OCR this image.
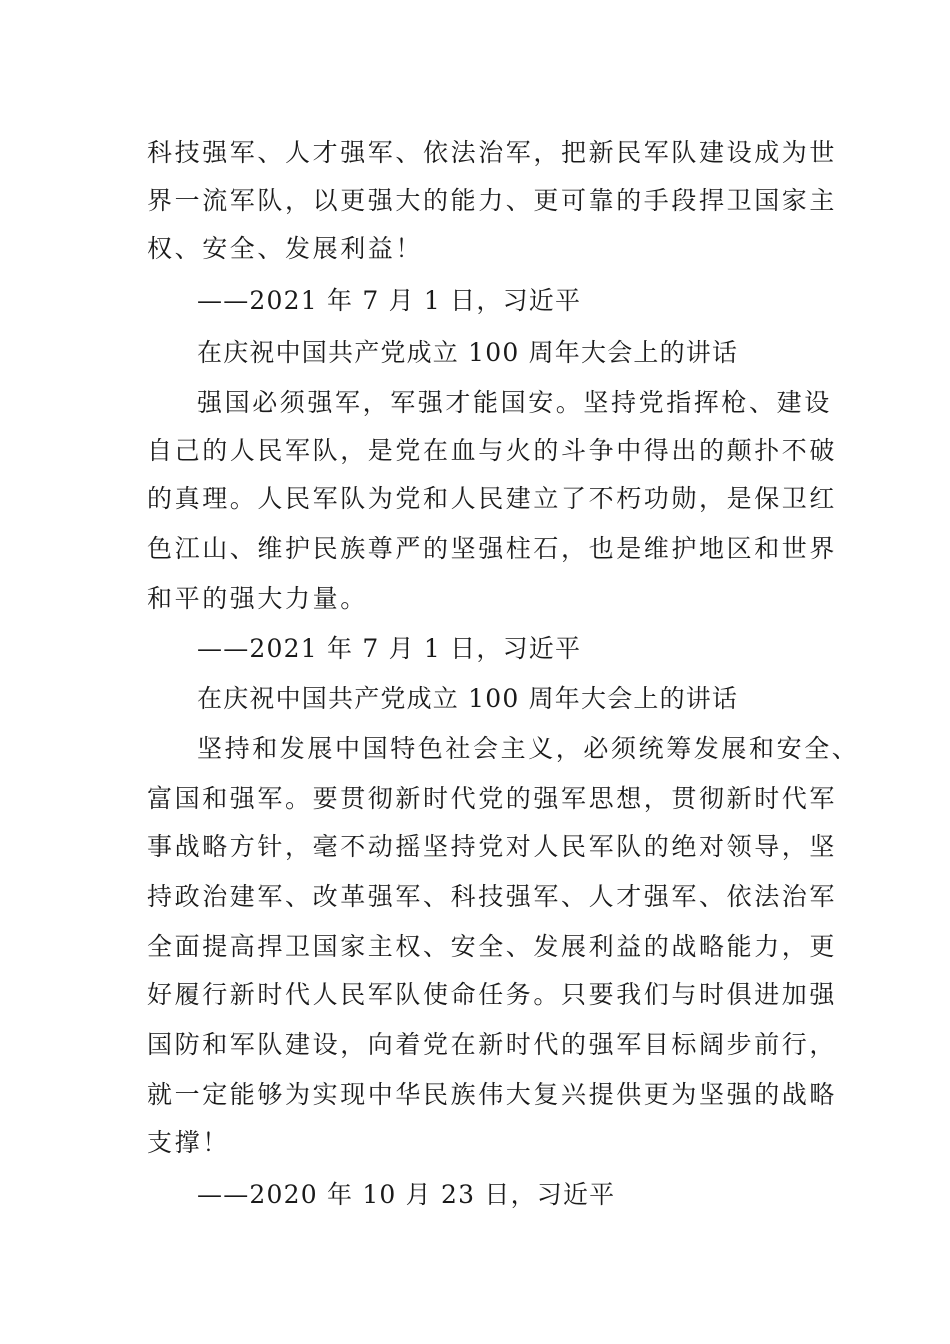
科技强军、人才强军、依法治军，把新民军队建设成为世
界一流军队，以更强大的能力、更可靠的手段捍卫国家主
权、安全、发展利益！
——2021 年 7 月 1 日，习近平
在庆祝中国共产党成立 100 周年大会上的讲话
强国必须强军，军强才能国安。坚持党指挥枪、建设
自己的人民军队，是党在血与火的斗争中得出的颠扑不破
的真理。人民军队为党和人民建立了不朽功勋，是保卫红
色江山、维护民族尊严的坚强柱石，也是维护地区和世界
和平的强大力量。
——2021 年 7 月 1 日，习近平
在庆祝中国共产党成立 100 周年大会上的讲话
坚持和发展中国特色社会主义，必须统筹发展和安全、
富国和强军。要贯彻新时代党的强军思想，贯彻新时代军
事战略方针，毫不动摇坚持党对人民军队的绝对领导，坚
持政治建军、改革强军、科技强军、人才强军、依法治军
全面提高捍卫国家主权、安全、发展利益的战略能力，更
好履行新时代人民军队使命任务。只要我们与时俱进加强
国防和军队建设，向着党在新时代的强军目标阔步前行，
就一定能够为实现中华民族伟大复兴提供更为坚强的战略
支撑！
——2020 年 10 月 23 日，习近平
